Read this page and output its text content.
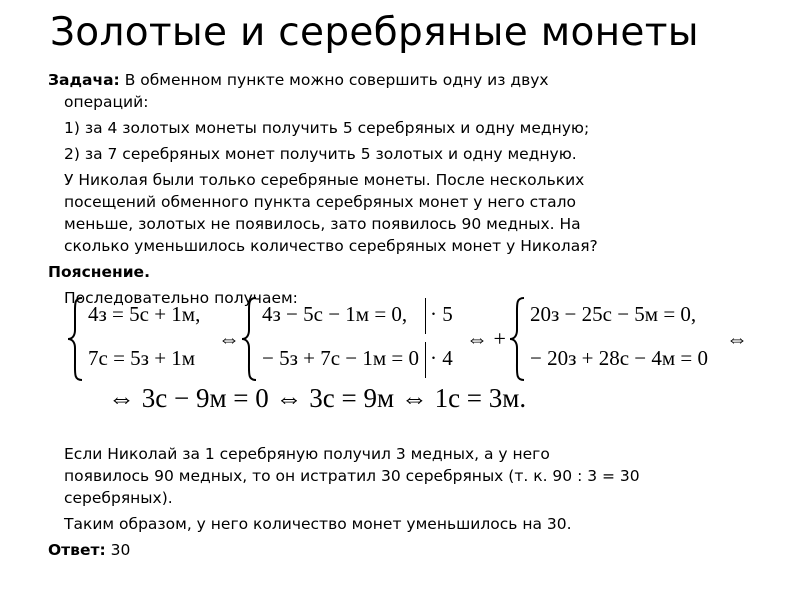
Золотые и серебряные монеты
Задача: В обменном пункте можно совершить одну из двух
операций:
1) за 4 золотых монеты получить 5 серебряных и одну медную;
2) за 7 серебряных монет получить 5 золотых и одну медную.
У Николая были только серебряные монеты. После нескольких
посещений обменного пункта серебряных монет у него стало
меньше, золотых не появилось, зато появилось 90 медных. На
сколько уменьшилось количество серебряных монет у Николая?
Пояснение.
Последовательно получаем:
4з = 5с + 1м,
7с = 5з + 1м
⇔
4з − 5с − 1м = 0, · 5
− 5з + 7с − 1м = 0 · 4
⇔ +
20з − 25с − 5м = 0,
− 20з + 28с − 4м = 0
⇔
⇔ 3с − 9м = 0 ⇔ 3с = 9м ⇔ 1с = 3м.
Если Николай за 1 серебряную получил 3 медных, а у него
появилось 90 медных, то он истратил 30 серебряных (т. к. 90 : 3 = 30
серебряных).
Таким образом, у него количество монет уменьшилось на 30.
Ответ: 30
